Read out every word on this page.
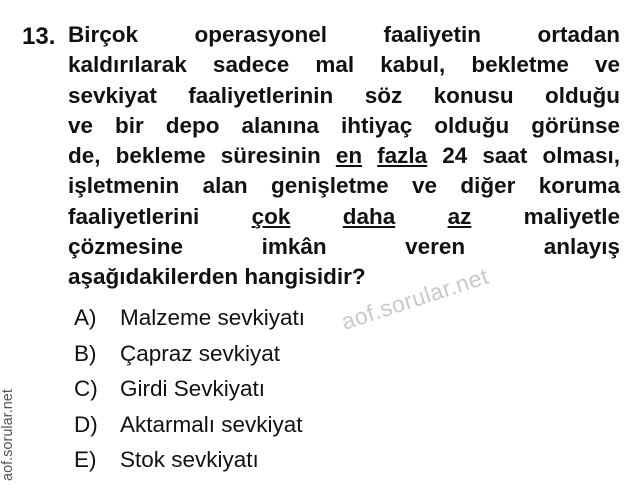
13. Birçok operasyonel faaliyetin ortadan
kaldırılarak sadece mal kabul, bekletme ve
sevkiyat faaliyetlerinin söz konusu olduğu
ve bir depo alanına ihtiyaç olduğu görünse
de, bekleme süresinin en fazla 24 saat olması,
işletmenin alan genişletme ve diğer koruma
faaliyetlerini çok daha az maliyetle
çözmesine imkân veren anlayış
aşağıdakilerden hangisidir?
A)	Malzeme sevkiyatı
B)	Çapraz sevkiyat
C) Girdi Sevkiyatı
D) Aktarmalı sevkiyat
E)	Stok sevkiyatı
aof.sorular.net
aof.sorular.net
